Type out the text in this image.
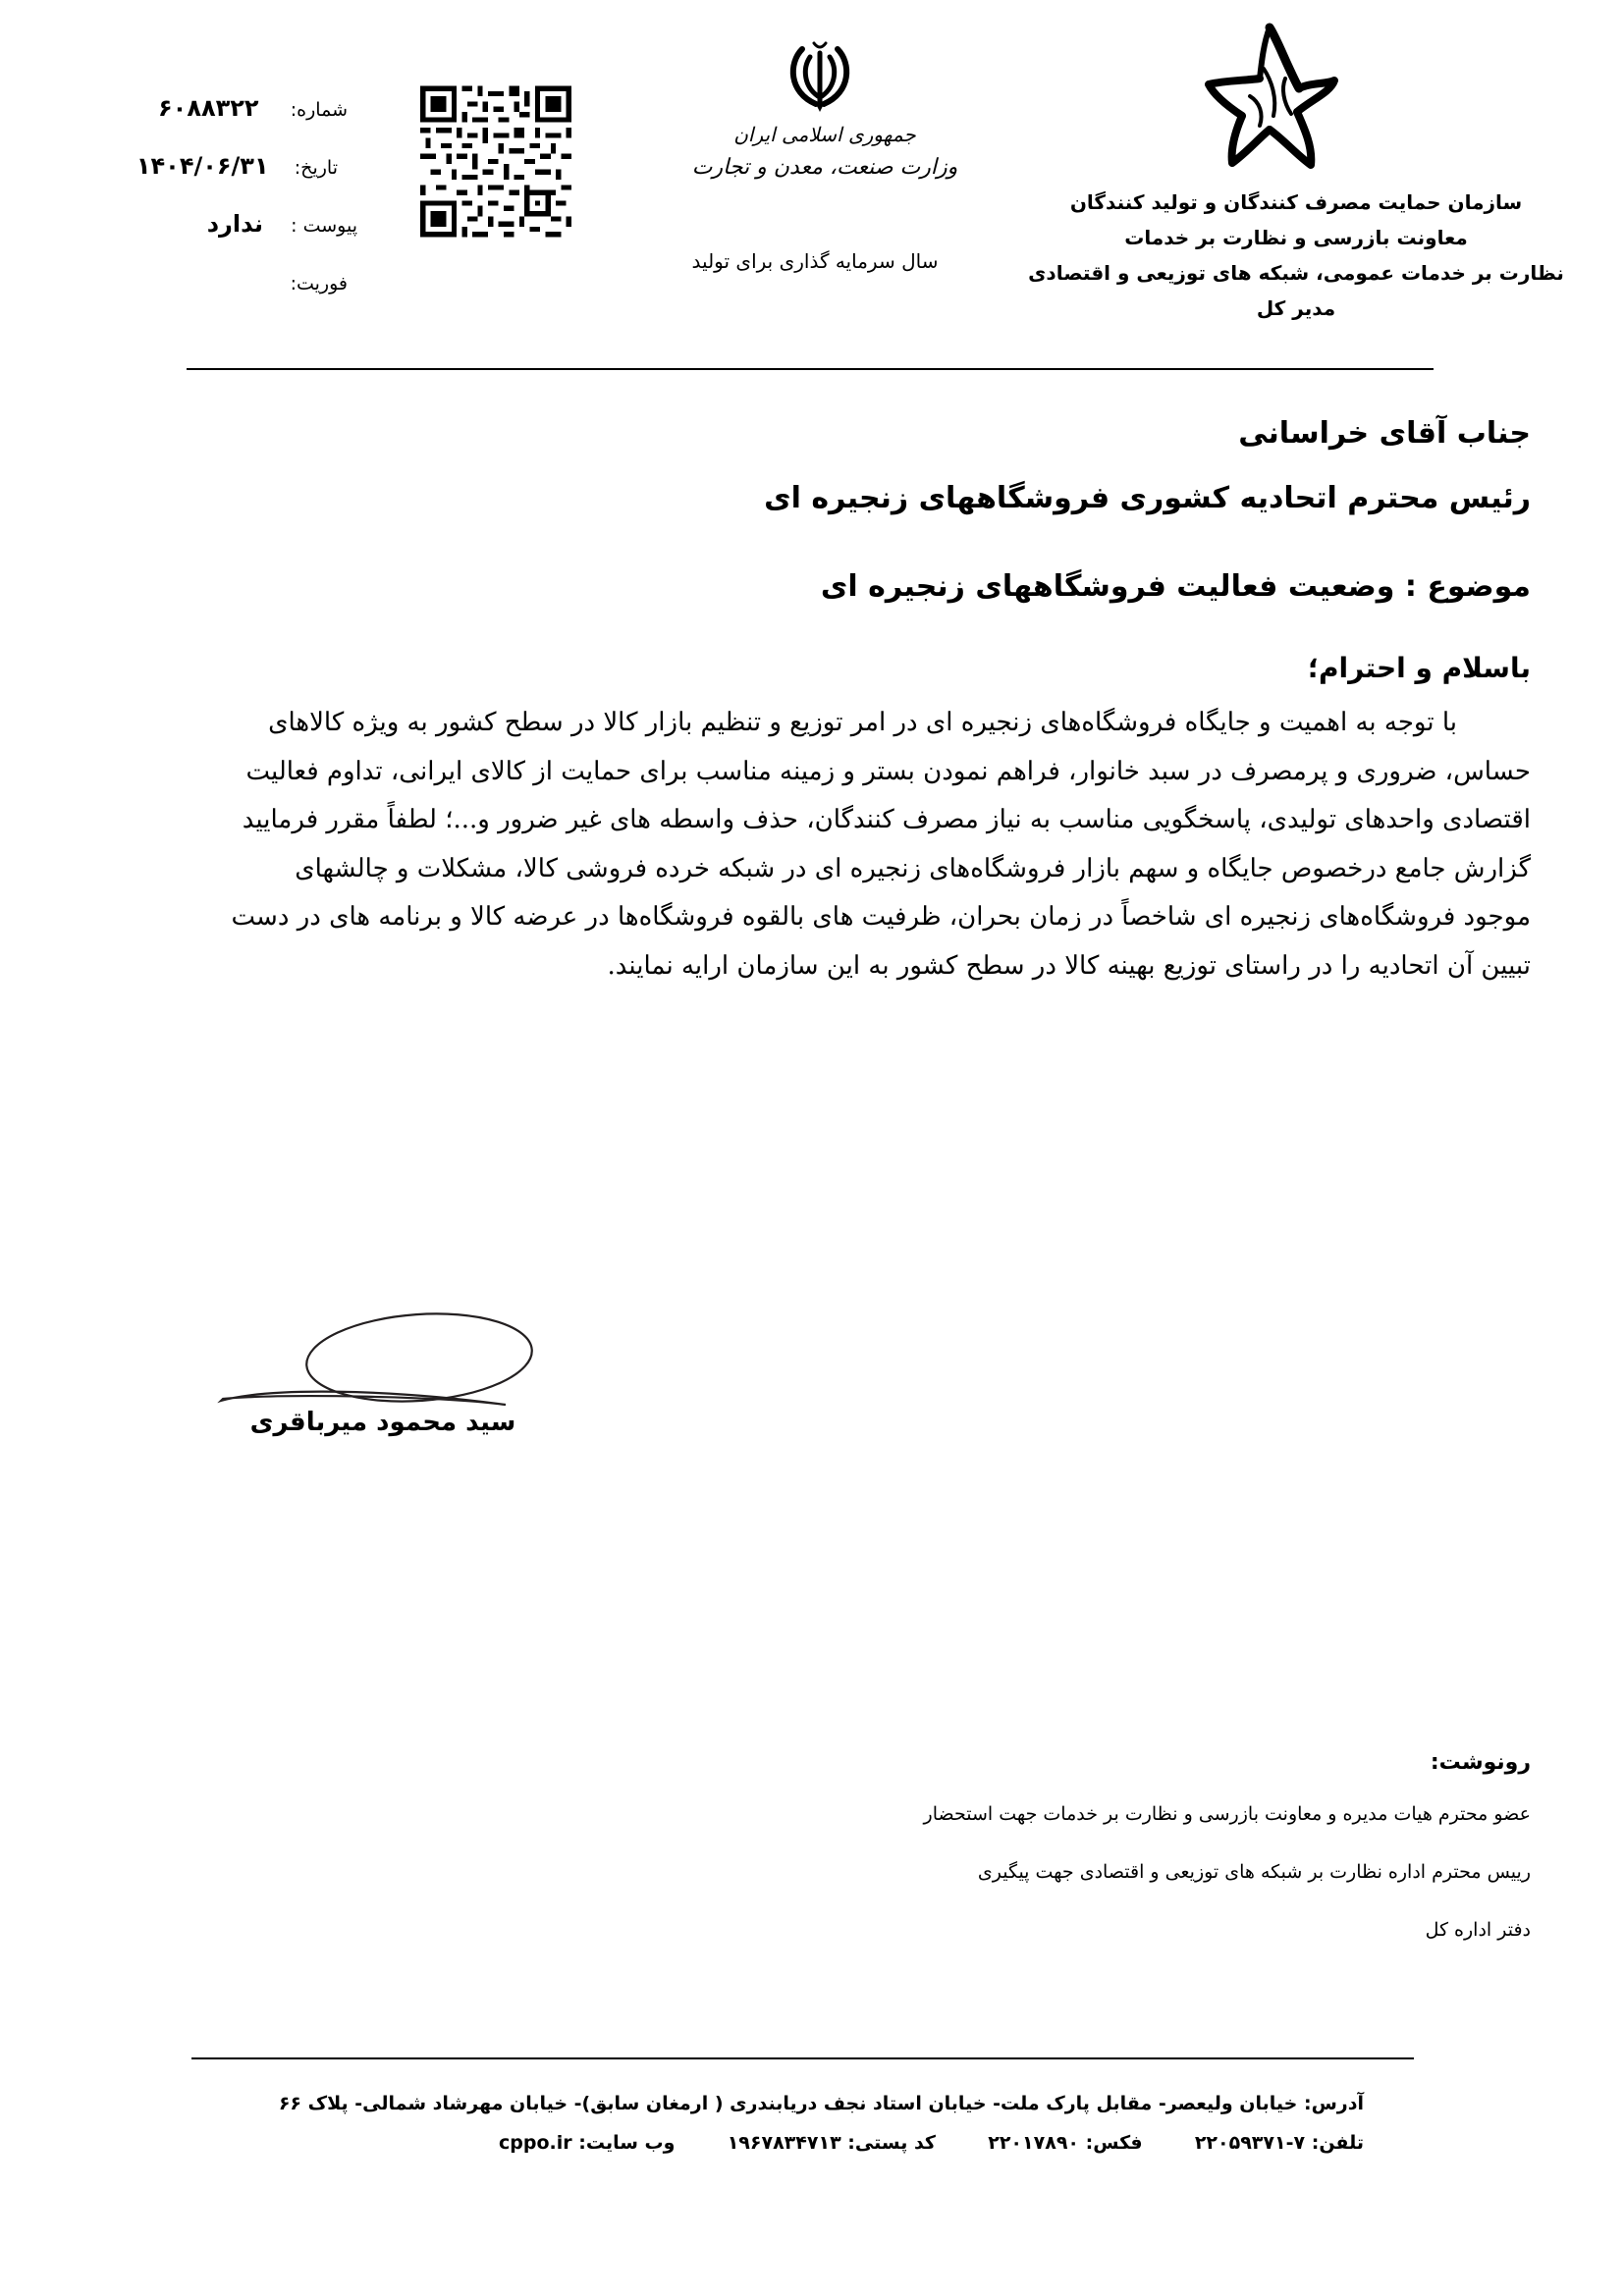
شماره:  ۶۰۸۸۳۲۲
تاریخ:  ۱۴۰۴/۰۶/۳۱
پیوست :  ندارد
فوریت:
جمهوری اسلامی ایران
وزارت صنعت، معدن و تجارت
سال سرمایه گذاری برای تولید
سازمان حمایت مصرف کنندگان و تولید کنندگان
معاونت بازرسی و نظارت بر خدمات
نظارت بر خدمات عمومی، شبکه های توزیعی و اقتصادی
مدیر کل
جناب آقای خراسانی
رئیس محترم اتحادیه کشوری فروشگاههای زنجیره ای
موضوع : وضعیت فعالیت فروشگاههای زنجیره ای
باسلام و احترام؛
با توجه به اهمیت و جایگاه فروشگاه‌های زنجیره ای در امر توزیع و تنظیم بازار کالا در سطح کشور به ویژه کالاهای
حساس، ضروری و پرمصرف در سبد خانوار، فراهم نمودن بستر و زمینه مناسب برای حمایت از کالای ایرانی، تداوم فعالیت
اقتصادی واحدهای تولیدی، پاسخگویی مناسب به نیاز مصرف کنندگان، حذف واسطه های غیر ضرور و...؛ لطفاً مقرر فرمایید
گزارش جامع درخصوص جایگاه و سهم بازار فروشگاه‌های زنجیره ای در شبکه خرده فروشی کالا، مشکلات و چالشهای
موجود فروشگاه‌های زنجیره ای شاخصاً در زمان بحران، ظرفیت های بالقوه فروشگاه‌ها در عرضه کالا و برنامه های در دست
تبیین آن اتحادیه را در راستای توزیع بهینه کالا در سطح کشور به این سازمان ارایه نمایند.
سید محمود میرباقری
رونوشت:
عضو محترم هیات مدیره و معاونت بازرسی و نظارت بر خدمات جهت استحضار
رییس محترم اداره نظارت بر شبکه های توزیعی و اقتصادی جهت پیگیری
دفتر اداره کل
آدرس: خیابان ولیعصر- مقابل پارک ملت- خیابان استاد نجف دریابندری ( ارمغان سابق)- خیابان مهرشاد شمالی- پلاک ۶۶
تلفن: ۷-۲۲۰۵۹۳۷۱  فکس: ۲۲۰۱۷۸۹۰  کد پستی: ۱۹۶۷۸۳۴۷۱۳  وب سایت: cppo.ir
